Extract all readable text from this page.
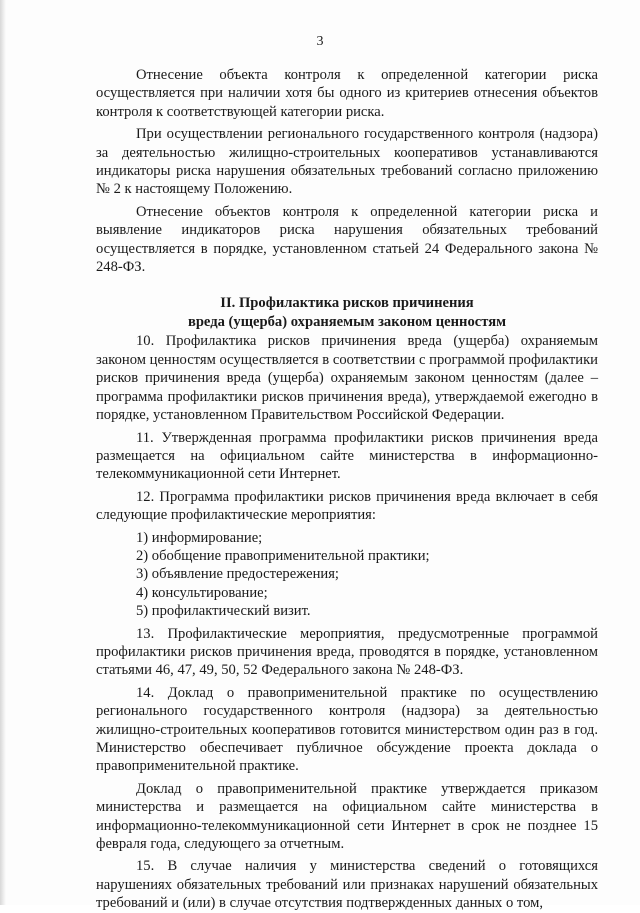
3

Отнесение объекта контроля к определенной категории риска осуществляется при наличии хотя бы одного из критериев отнесения объектов контроля к соответствующей категории риска.

При осуществлении регионального государственного контроля (надзора) за деятельностью жилищно-строительных кооперативов устанавливаются индикаторы риска нарушения обязательных требований согласно приложению № 2 к настоящему Положению.

Отнесение объектов контроля к определенной категории риска и выявление индикаторов риска нарушения обязательных требований осуществляется в порядке, установленном статьей 24 Федерального закона № 248-ФЗ.

II. Профилактика рисков причинения
вреда (ущерба) охраняемым законом ценностям

10. Профилактика рисков причинения вреда (ущерба) охраняемым законом ценностям осуществляется в соответствии с программой профилактики рисков причинения вреда (ущерба) охраняемым законом ценностям (далее – программа профилактики рисков причинения вреда), утверждаемой ежегодно в порядке, установленном Правительством Российской Федерации.

11. Утвержденная программа профилактики рисков причинения вреда размещается на официальном сайте министерства в информационно-телекоммуникационной сети Интернет.

12. Программа профилактики рисков причинения вреда включает в себя следующие профилактические мероприятия:

1) информирование;

2) обобщение правоприменительной практики;

3) объявление предостережения;

4) консультирование;

5) профилактический визит.

13. Профилактические мероприятия, предусмотренные программой профилактики рисков причинения вреда, проводятся в порядке, установленном статьями 46, 47, 49, 50, 52 Федерального закона № 248-ФЗ.

14. Доклад о правоприменительной практике по осуществлению регионального государственного контроля (надзора) за деятельностью жилищно-строительных кооперативов готовится министерством один раз в год. Министерство обеспечивает публичное обсуждение проекта доклада о правоприменительной практике.

Доклад о правоприменительной практике утверждается приказом министерства и размещается на официальном сайте министерства в информационно-телекоммуникационной сети Интернет в срок не позднее 15 февраля года, следующего за отчетным.

15. В случае наличия у министерства сведений о готовящихся нарушениях обязательных требований или признаках нарушений обязательных требований и (или) в случае отсутствия подтвержденных данных о том,
